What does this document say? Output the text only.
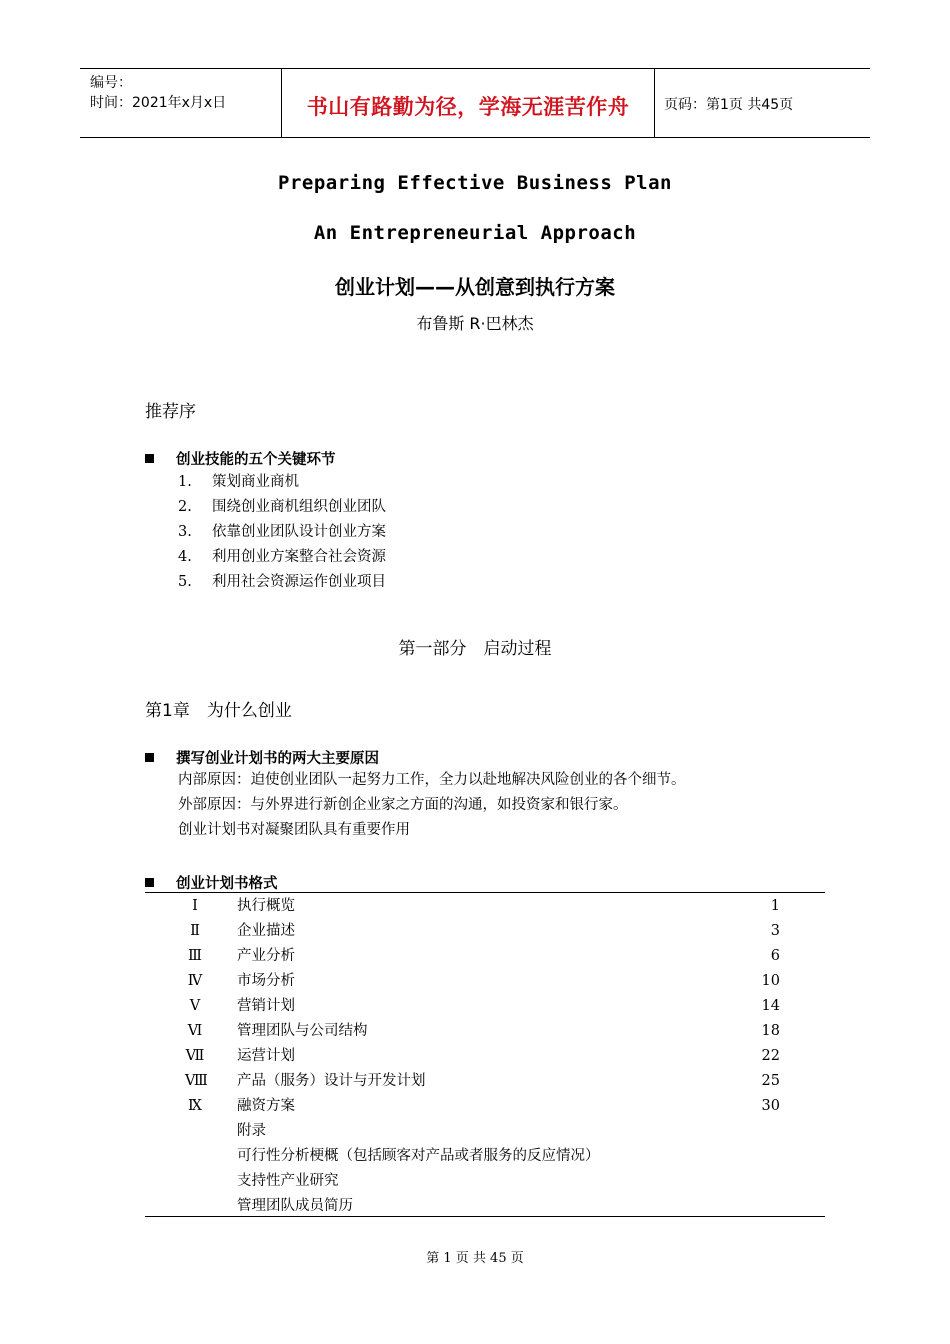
编号：
时间：2021年x月x日	书山有路勤为径，学海无涯苦作舟	页码：第1页 共45页
Preparing Effective Business Plan
An Entrepreneurial Approach
创业计划——从创意到执行方案
布鲁斯 R·巴林杰
推荐序
创业技能的五个关键环节
1. 策划商业商机
2. 围绕创业商机组织创业团队
3. 依靠创业团队设计创业方案
4. 利用创业方案整合社会资源
5. 利用社会资源运作创业项目
第一部分　启动过程
第1章　为什么创业
撰写创业计划书的两大主要原因
内部原因：迫使创业团队一起努力工作，全力以赴地解决风险创业的各个细节。
外部原因：与外界进行新创企业家之方面的沟通，如投资家和银行家。
创业计划书对凝聚团队具有重要作用
创业计划书格式
Ⅰ	执行概览	1
Ⅱ	企业描述	3
Ⅲ 产业分析	6
Ⅳ 市场分析	10
Ⅴ	营销计划	14
Ⅵ 管理团队与公司结构	18
Ⅶ 运营计划	22
Ⅷ 产品（服务）设计与开发计划	25
Ⅸ 融资方案	30
附录
可行性分析梗概（包括顾客对产品或者服务的反应情况）
支持性产业研究
管理团队成员简历
第 1 页 共 45 页
